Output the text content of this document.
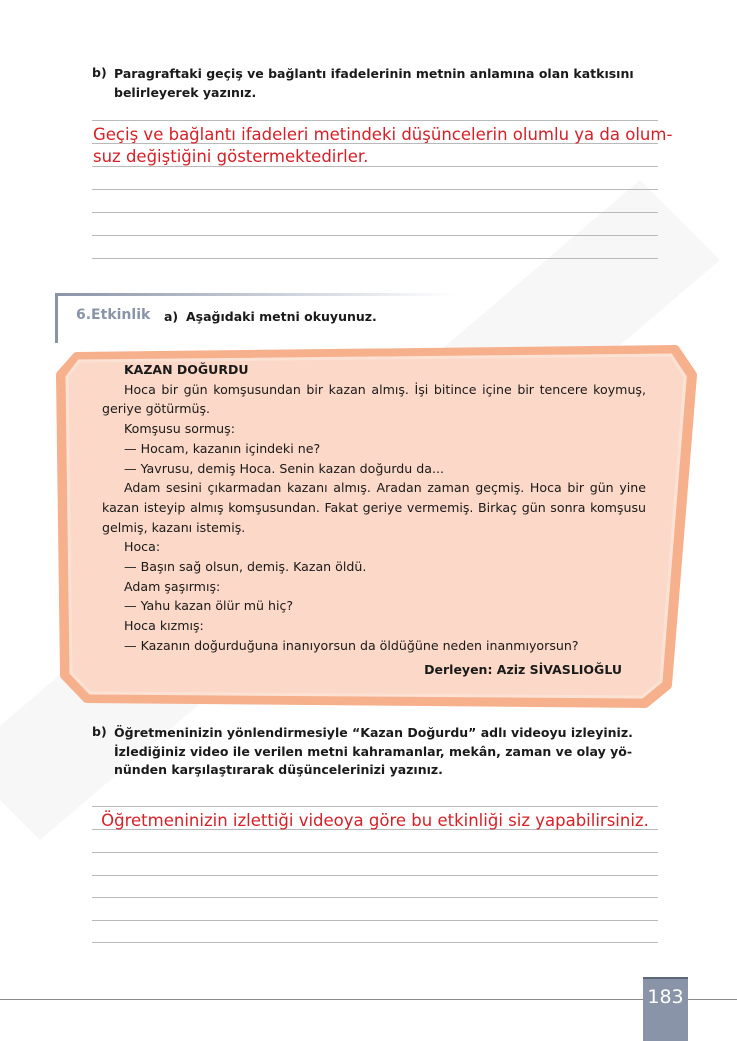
b) Paragraftaki geçiş ve bağlantı ifadelerinin metnin anlamına olan katkısını
belirleyerek yazınız.
Geçiş ve bağlantı ifadeleri metindeki düşüncelerin olumlu ya da olum-
suz değiştiğini göstermektedirler.
6.Etkinlik a) Aşağıdaki metni okuyunuz.

KAZAN DOĞURDU

Hoca bir gün komşusundan bir kazan almış. İşi bitince içine bir tencere koymuş, geriye götürmüş.

Komşusu sormuş:

— Hocam, kazanın içindeki ne?

— Yavrusu, demiş Hoca. Senin kazan doğurdu da...

Adam sesini çıkarmadan kazanı almış. Aradan zaman geçmiş. Hoca bir gün yine kazan isteyip almış komşusundan. Fakat geriye vermemiş. Birkaç gün sonra komşusu gelmiş, kazanı istemiş.

Hoca:

— Başın sağ olsun, demiş. Kazan öldü.

Adam şaşırmış:

— Yahu kazan ölür mü hiç?

Hoca kızmış:

— Kazanın doğurduğuna inanıyorsun da öldüğüne neden inanmıyorsun?

Derleyen: Aziz SİVASLIOĞLU
b) Öğretmeninizin yönlendirmesiyle “Kazan Doğurdu” adlı videoyu izleyiniz.
İzlediğiniz video ile verilen metni kahramanlar, mekân, zaman ve olay yö-
nünden karşılaştırarak düşüncelerinizi yazınız.
Öğretmeninizin izlettiği videoya göre bu etkinliği siz yapabilirsiniz.
183
